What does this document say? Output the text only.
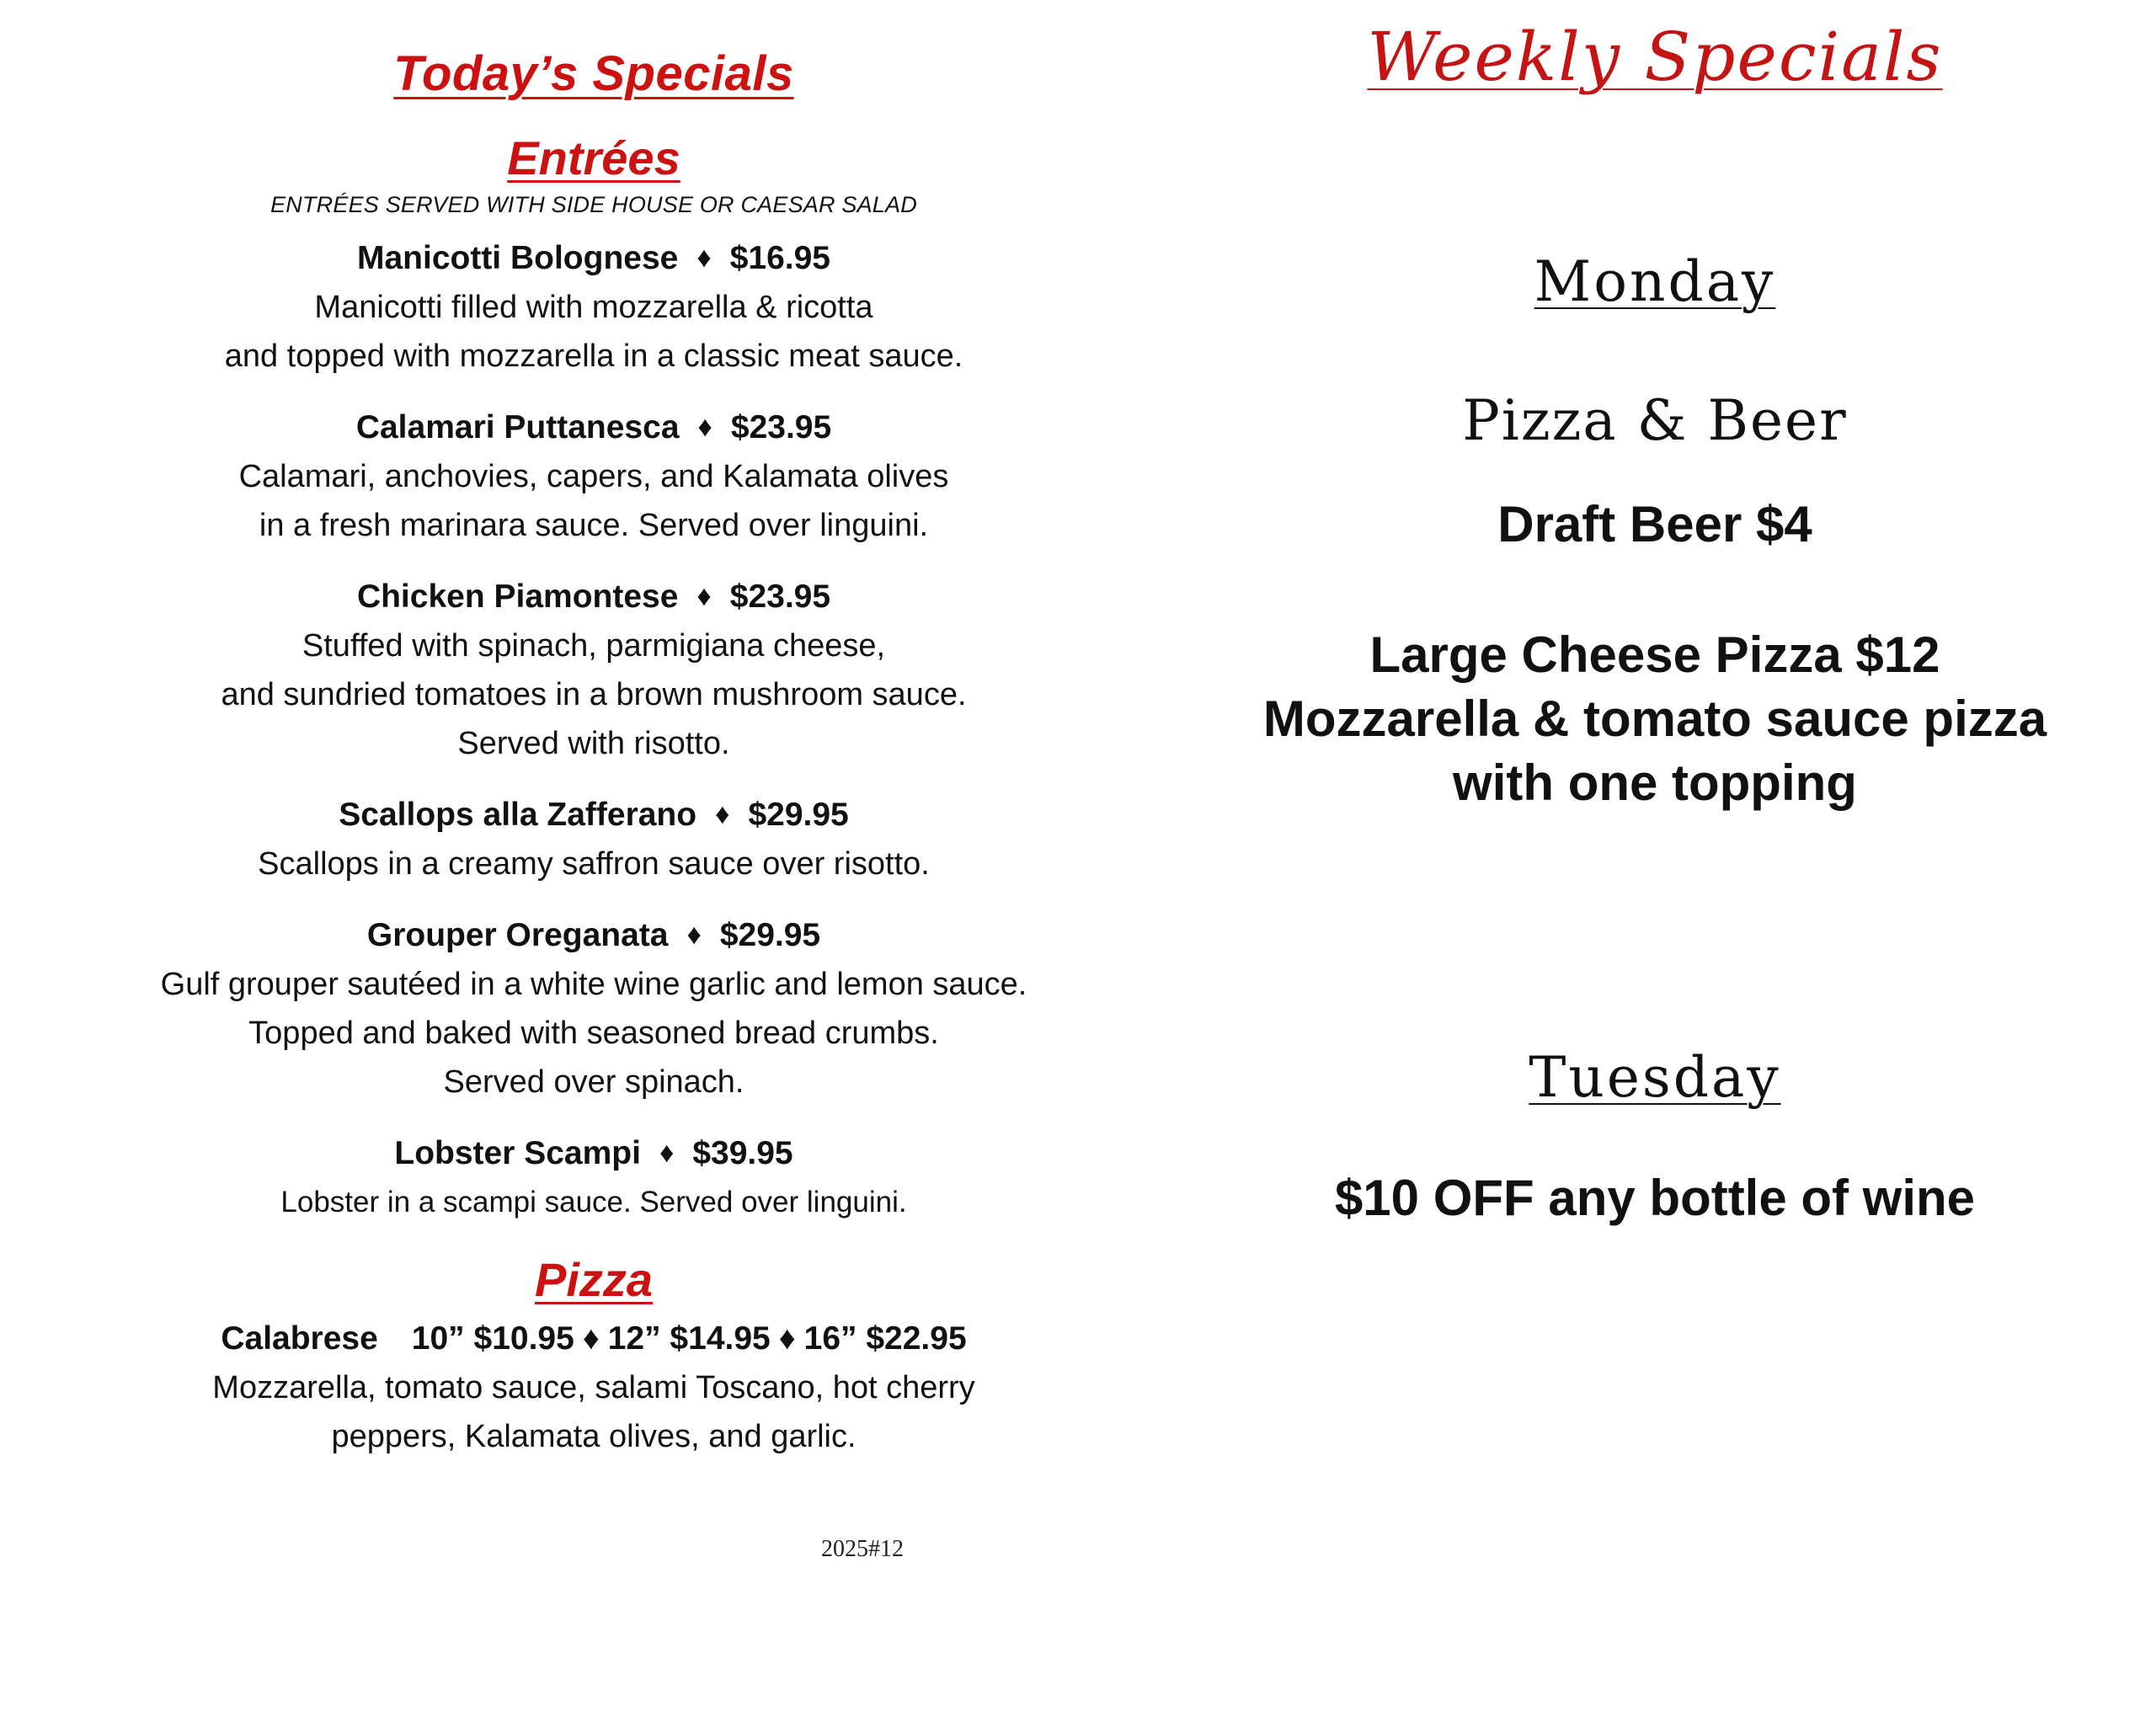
Today’s Specials
Entrées
ENTRÉES SERVED WITH SIDE HOUSE OR CAESAR SALAD
Manicotti Bolognese ♦ $16.95
Manicotti filled with mozzarella & ricotta
and topped with mozzarella in a classic meat sauce.
Calamari Puttanesca ♦ $23.95
Calamari, anchovies, capers, and Kalamata olives
in a fresh marinara sauce. Served over linguini.
Chicken Piamontese ♦ $23.95
Stuffed with spinach, parmigiana cheese,
and sundried tomatoes in a brown mushroom sauce.
Served with risotto.
Scallops alla Zafferano ♦ $29.95
Scallops in a creamy saffron sauce over risotto.
Grouper Oreganata ♦ $29.95
Gulf grouper sautéed in a white wine garlic and lemon sauce.
Topped and baked with seasoned bread crumbs.
Served over spinach.
Lobster Scampi ♦ $39.95
Lobster in a scampi sauce. Served over linguini.
Pizza
Calabrese 10” $10.95 ♦ 12” $14.95 ♦ 16” $22.95
Mozzarella, tomato sauce, salami Toscano, hot cherry
peppers, Kalamata olives, and garlic.
2025#12
Weekly Specials
Monday
Pizza & Beer
Draft Beer $4
Large Cheese Pizza $12
Mozzarella & tomato sauce pizza
with one topping
Tuesday
$10 OFF any bottle of wine
